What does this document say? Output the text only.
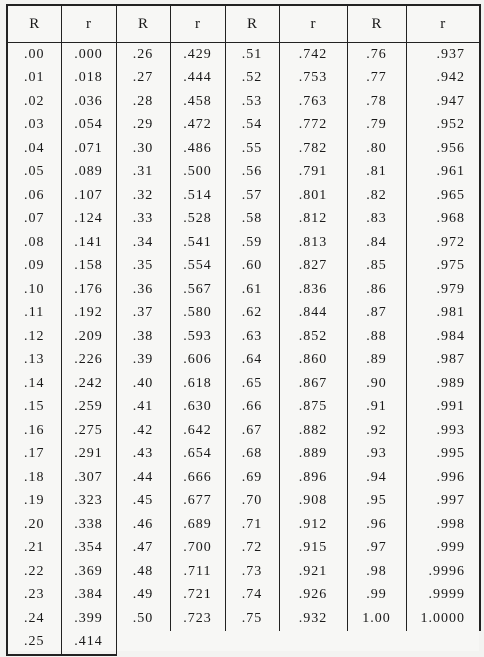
R	r	R	r	R	r	R	r
.00	.000	.26	.429	.51	.742	.76	.937
.01	.018	.27	.444	.52	.753	.77	.942
.02	.036	.28	.458	.53	.763	.78	.947
.03	.054	.29	.472	.54	.772	.79	.952
.04	.071	.30	.486	.55	.782	.80	.956
.05	.089	.31	.500	.56	.791	.81	.961
.06	.107	.32	.514	.57	.801	.82	.965
.07	.124	.33	.528	.58	.812	.83	.968
.08	.141	.34	.541	.59	.813	.84	.972
.09	.158	.35	.554	.60	.827	.85	.975
.10	.176	.36	.567	.61	.836	.86	.979
.11	.192	.37	.580	.62	.844	.87	.981
.12	.209	.38	.593	.63	.852	.88	.984
.13	.226	.39	.606	.64	.860	.89	.987
.14	.242	.40	.618	.65	.867	.90	.989
.15	.259	.41	.630	.66	.875	.91	.991
.16	.275	.42	.642	.67	.882	.92	.993
.17	.291	.43	.654	.68	.889	.93	.995
.18	.307	.44	.666	.69	.896	.94	.996
.19	.323	.45	.677	.70	.908	.95	.997
.20	.338	.46	.689	.71	.912	.96	.998
.21	.354	.47	.700	.72	.915	.97	.999
.22	.369	.48	.711	.73	.921	.98	.9996
.23	.384	.49	.721	.74	.926	.99	.9999
.24	.399	.50	.723	.75	.932	1.00	1.0000
.25	.414						
